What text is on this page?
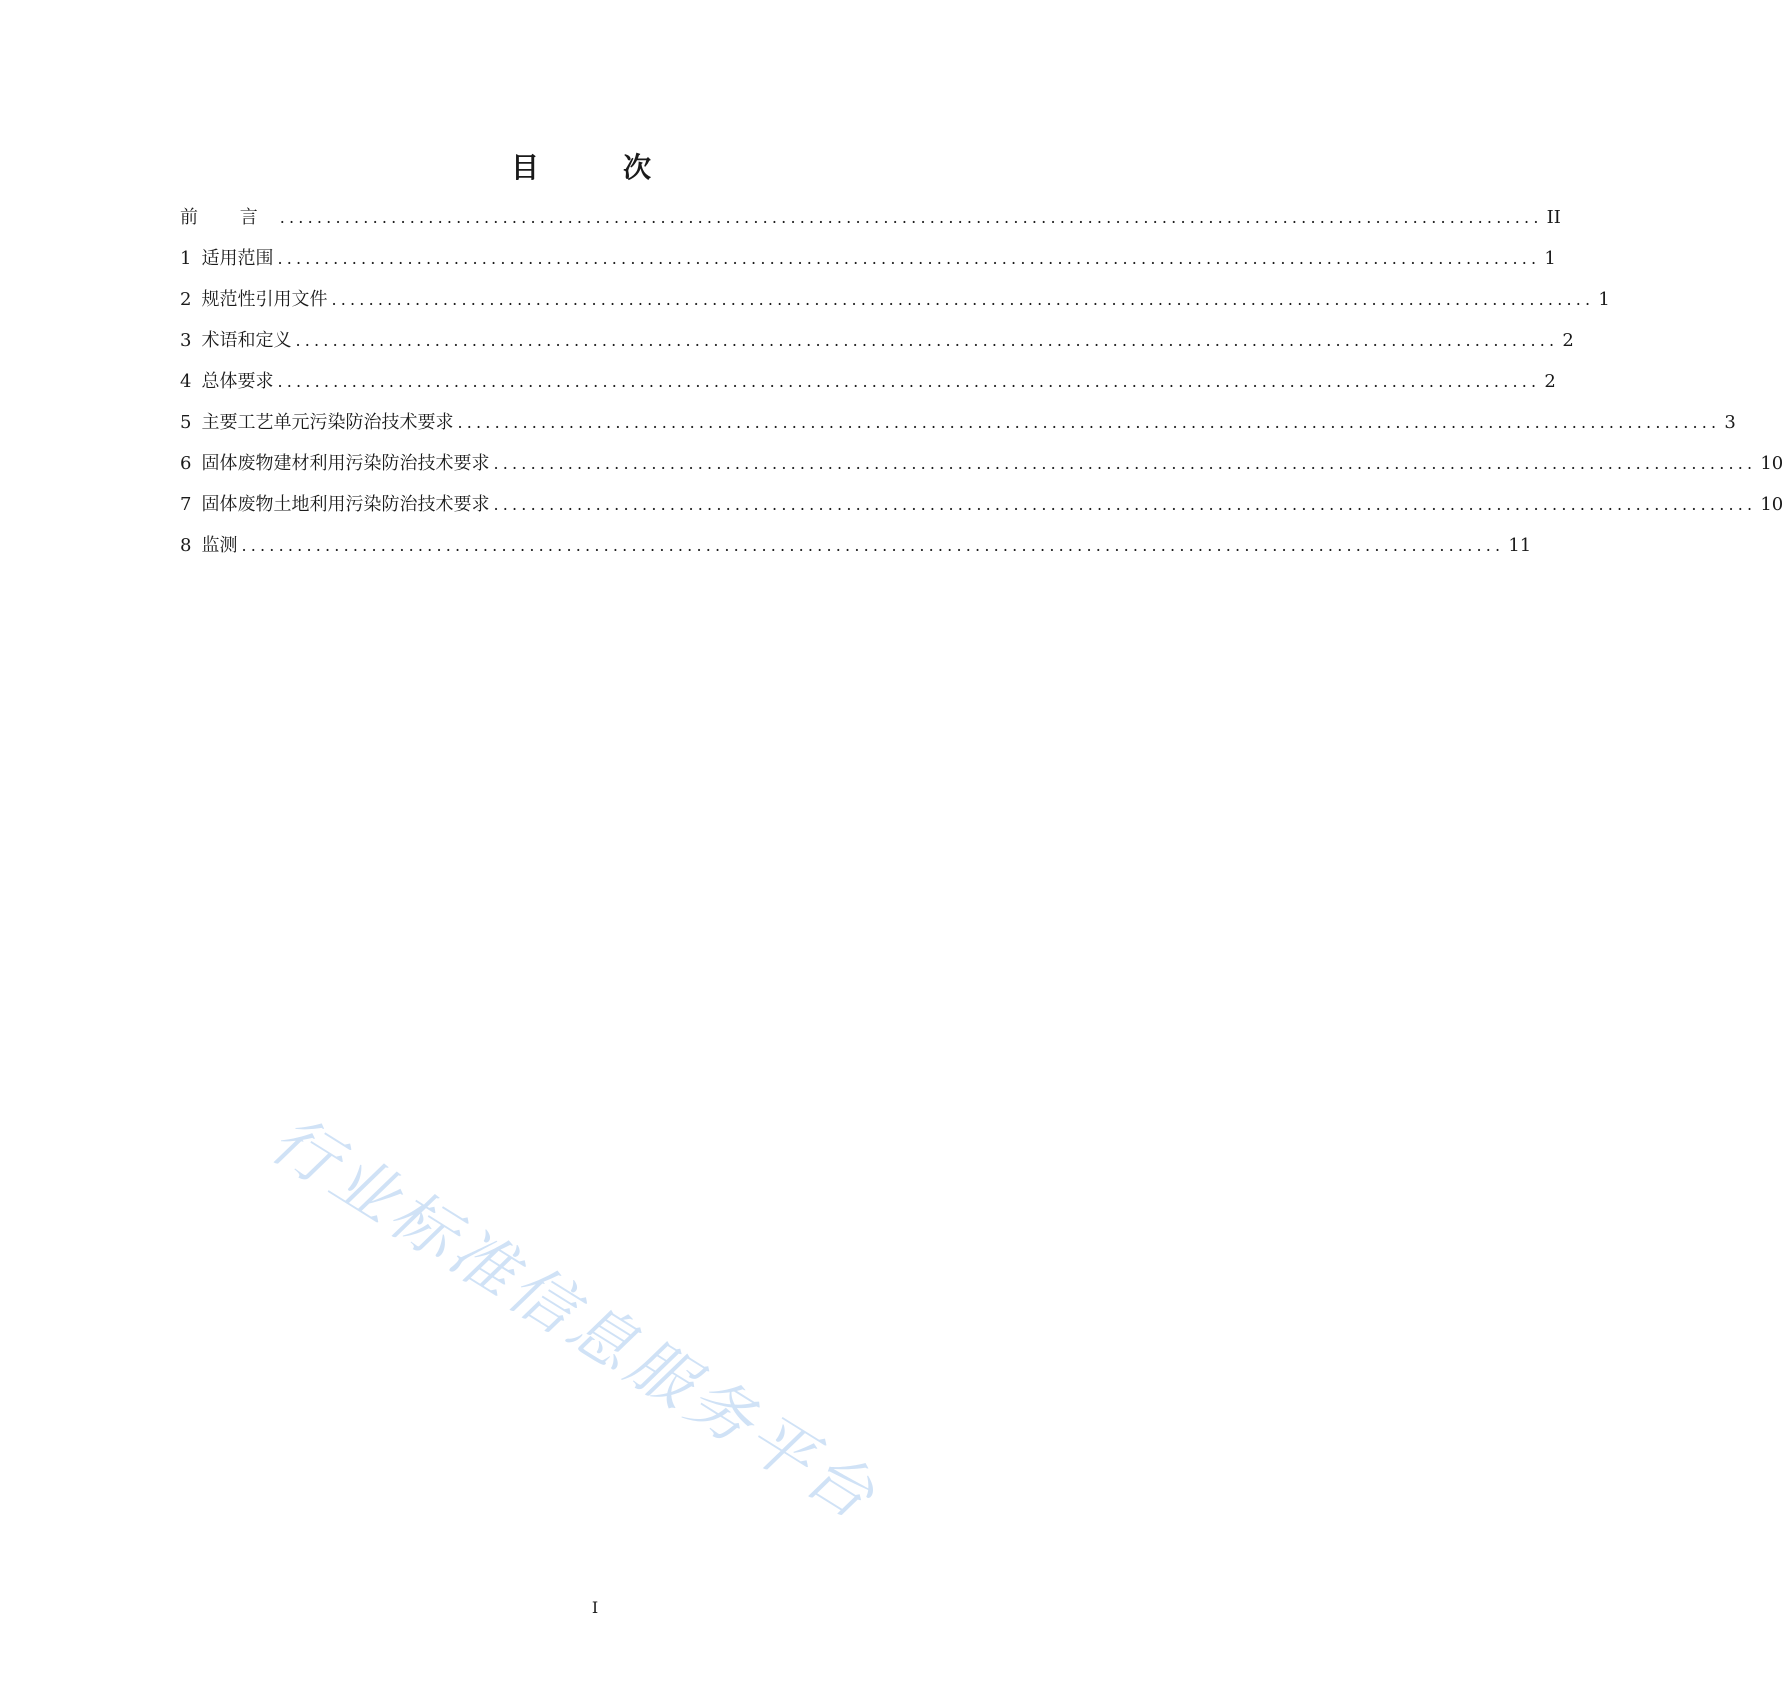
目　次
前 言 ........................................................................................................................................ II
1 适用范围 ........................................................................................................................................ 1
2 规范性引用文件 ........................................................................................................................................ 1
3 术语和定义 ........................................................................................................................................ 2
4 总体要求 ........................................................................................................................................ 2
5 主要工艺单元污染防治技术要求 ........................................................................................................................................ 3
6 固体废物建材利用污染防治技术要求 ........................................................................................................................................ 10
7 固体废物土地利用污染防治技术要求 ........................................................................................................................................ 10
8 监测 ........................................................................................................................................ 11
行业标准信息服务平台
I
